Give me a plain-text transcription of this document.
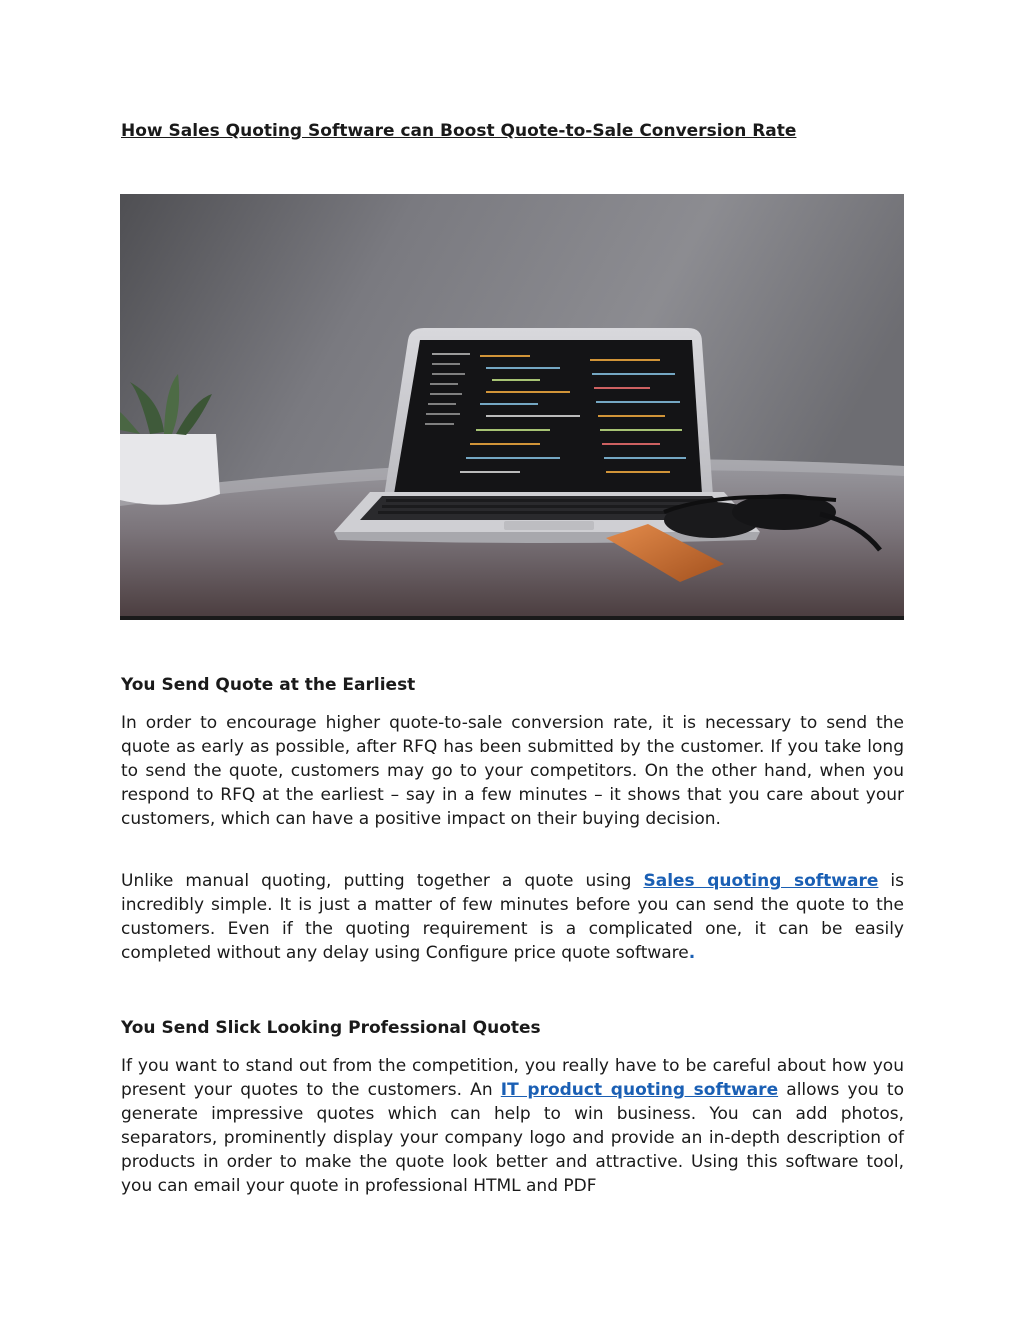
How Sales Quoting Software can Boost Quote-to-Sale Conversion Rate
You Send Quote at the Earliest

In order to encourage higher quote-to-sale conversion rate, it is necessary to send the quote as early as possible, after RFQ has been submitted by the customer. If you take long to send the quote, customers may go to your competitors. On the other hand, when you respond to RFQ at the earliest – say in a few minutes – it shows that you care about your customers, which can have a positive impact on their buying decision.

Unlike manual quoting, putting together a quote using Sales quoting software is incredibly simple. It is just a matter of few minutes before you can send the quote to the customers. Even if the quoting requirement is a complicated one, it can be easily completed without any delay using Configure price quote software.

You Send Slick Looking Professional Quotes

If you want to stand out from the competition, you really have to be careful about how you present your quotes to the customers. An IT product quoting software allows you to generate impressive quotes which can help to win business. You can add photos, separators, prominently display your company logo and provide an in-depth description of products in order to make the quote look better and attractive. Using this software tool, you can email your quote in professional HTML and PDF
